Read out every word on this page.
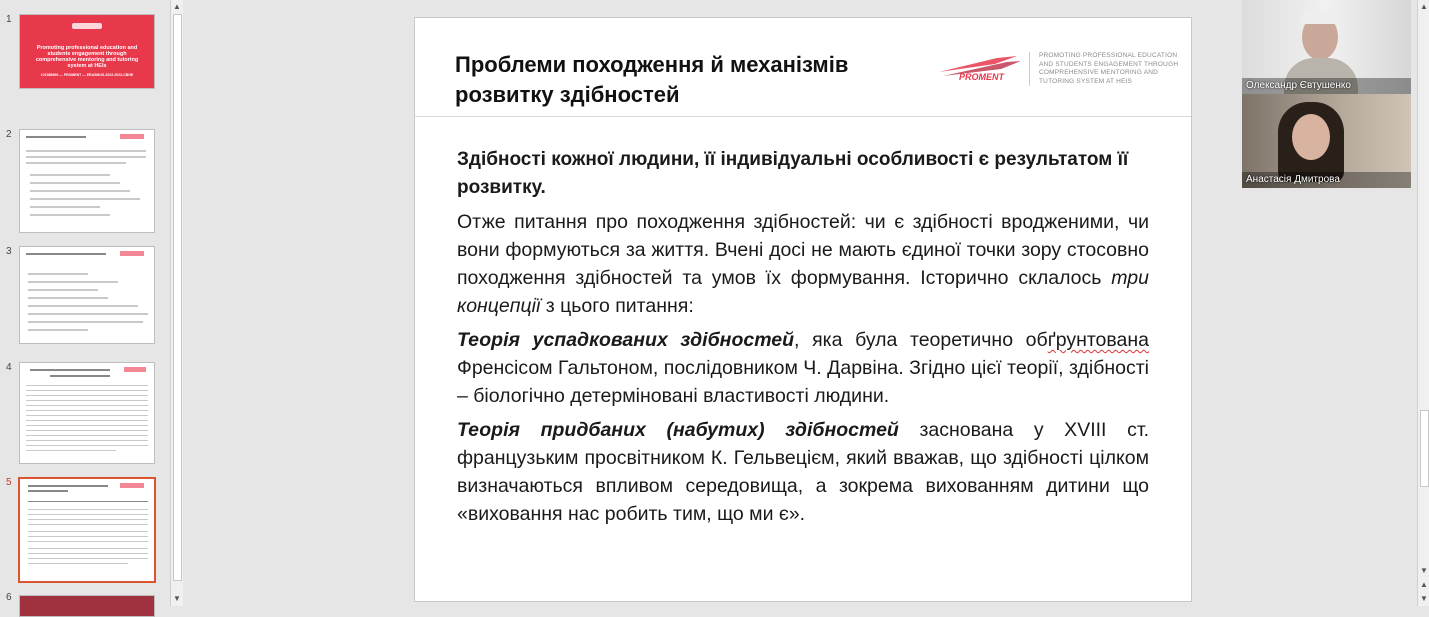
1
Promoting professional education and students engagement through comprehensive mentoring and tutoring system at HEIs
101085999 — PROMENT — ERASMUS-2022-2022-CBHE
2
3
4
5
6
▲
▼
Проблеми походження й механізмів розвитку здібностей
PROMENT
PROMOTING PROFESSIONAL EDUCATION AND STUDENTS ENGAGEMENT THROUGH COMPREHENSIVE MENTORING AND TUTORING SYSTEM AT HEIS

Здібності кожної людини, її індивідуальні особливості є результатом її розвитку.

Отже питання про походження здібностей: чи є здібності вродженими, чи вони формуються за життя. Вчені досі не мають єдиної точки зору стосовно походження здібностей та умов їх формування. Історично склалось три концепції з цього питання:

Теорія успадкованих здібностей, яка була теоретично обґрунтована Френсісом Гальтоном, послідовником Ч. Дарвіна. Згідно цієї теорії, здібності – біологічно детерміновані властивості людини.

Теорія придбаних (набутих) здібностей заснована у XVIII ст. французьким просвітником К. Гельвецієм, який вважав, що здібності цілком визначаються впливом середовища, а зокрема вихованням дитини що «виховання нас робить тим, що ми є».

▲
▼
▲
▼
Олександр Євтушенко
Анастасія Дмитрова
